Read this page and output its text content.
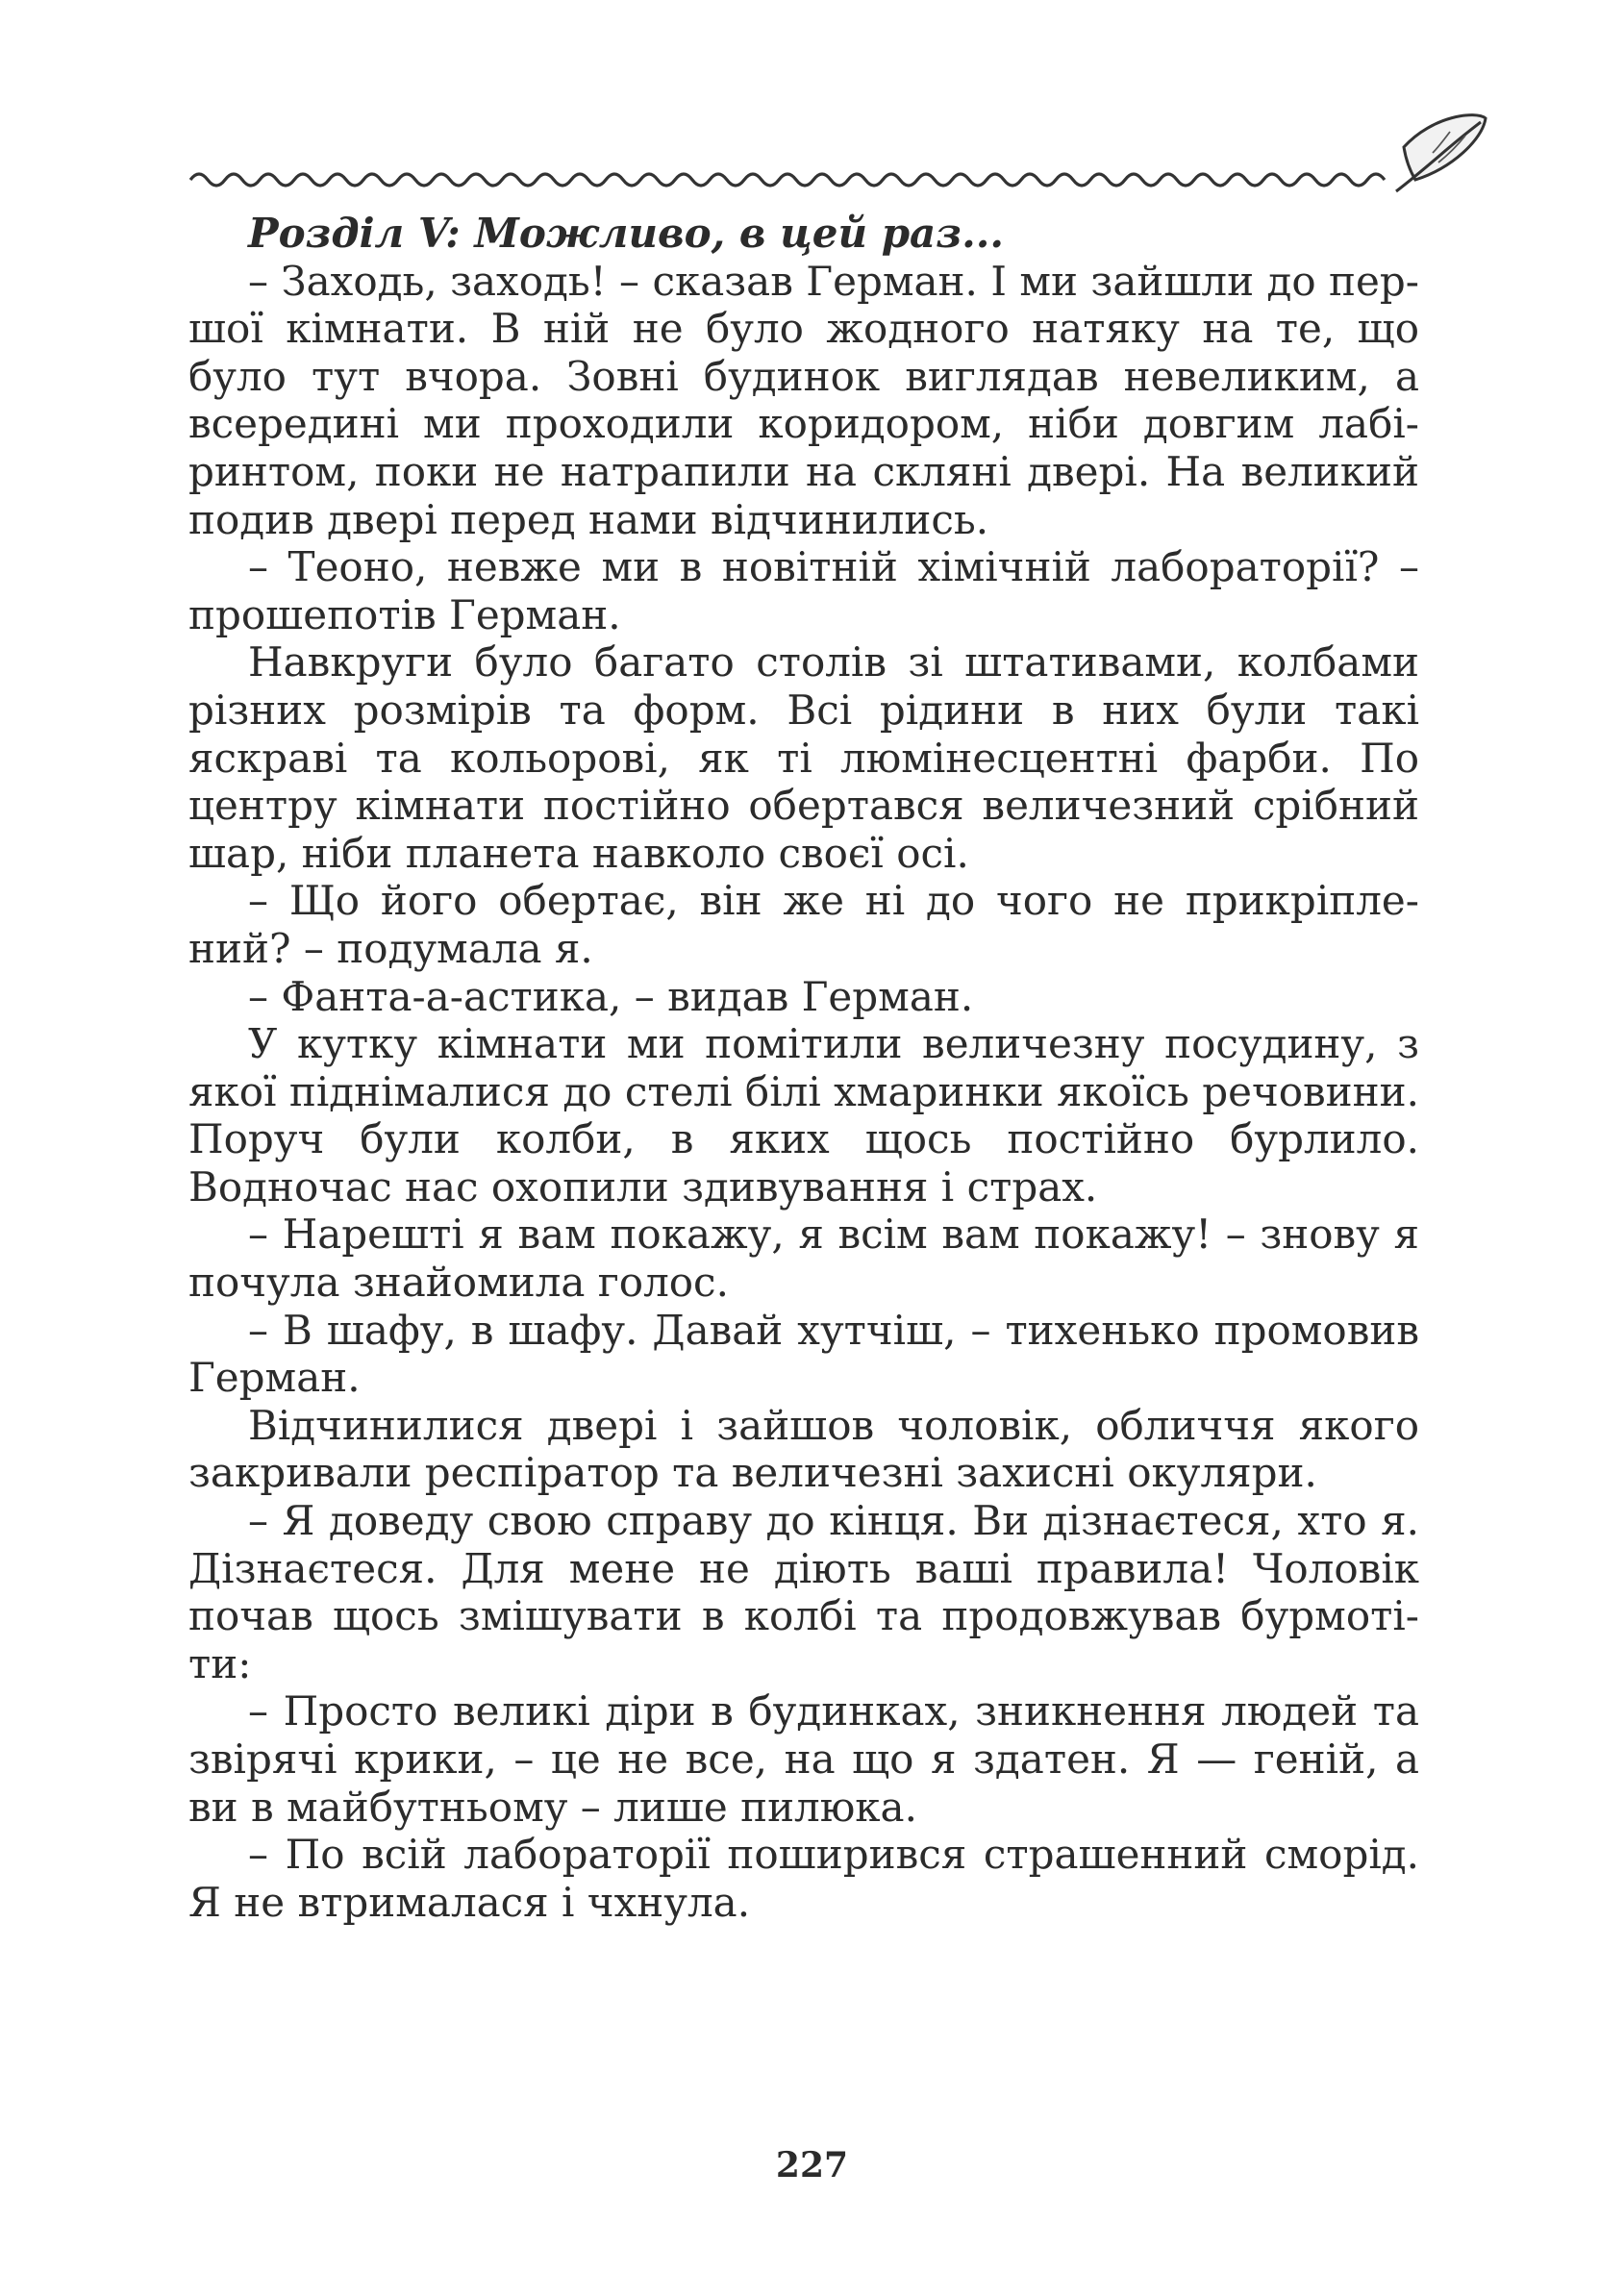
Розділ V: Можливо, в цей раз...

– Заходь, заходь! – сказав Герман. І ми зайшли до першої кімнати. В ній не було жодного натяку на те, що було тут вчора. Зовні будинок виглядав невеликим, а всередині ми проходили коридором, ніби довгим лабіринтом, поки не натрапили на скляні двері. На великий подив двері перед нами відчинились.

– Теоно, невже ми в новітній хімічній лабораторії? – прошепотів Герман.

Навкруги було багато столів зі штативами, колбами різних розмірів та форм. Всі рідини в них були такі яскраві та кольорові, як ті люмінесцентні фарби. По центру кімнати постійно обертався величезний срібний шар, ніби планета навколо своєї осі.

– Що його обертає, він же ні до чого не прикріплений? – подумала я.

– Фанта-а-астика, – видав Герман.

У кутку кімнати ми помітили величезну посудину, з якої піднімалися до стелі білі хмаринки якоїсь речовини. Поруч були колби, в яких щось постійно бурлило. Водночас нас охопили здивування і страх.

– Нарешті я вам покажу, я всім вам покажу! – знову я почула знайомила голос.

– В шафу, в шафу. Давай хутчіш, – тихенько промовив Герман.

Відчинилися двері і зайшов чоловік, обличчя якого закривали респіратор та величезні захисні окуляри.

– Я доведу свою справу до кінця. Ви дізнаєтеся, хто я. Дізнаєтеся. Для мене не діють ваші правила! Чоловік почав щось змішувати в колбі та продовжував бурмотіти:

– Просто великі діри в будинках, зникнення людей та звірячі крики, – це не все, на що я здатен. Я — геній, а ви в майбутньому – лише пилюка.

– По всій лабораторії поширився страшенний сморід. Я не втрималася і чхнула.

227
